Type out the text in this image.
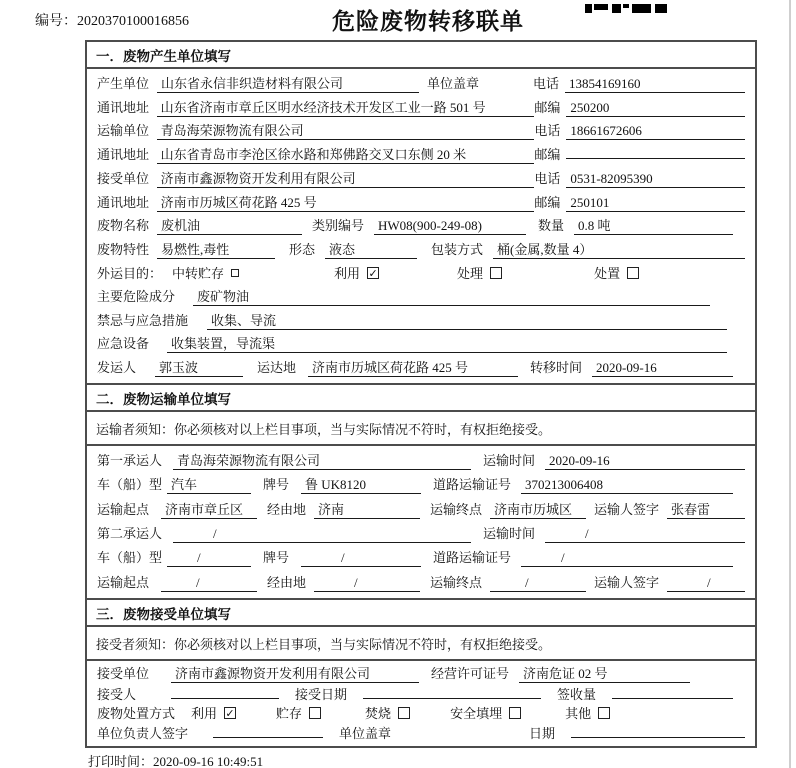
编号：2020370100016856	危险废物转移联单
一．废物产生单位填写
产生单位 山东省永信非织造材料有限公司	单位盖章	电话 13854169160
通讯地址 山东省济南市章丘区明水经济技术开发区工业一路 501 号	邮编 250200
运输单位 青岛海荣源物流有限公司	电话 18661672606
通讯地址 山东省青岛市李沧区徐水路和郑佛路交叉口东侧 20 米	邮编
接受单位 济南市鑫源物资开发利用有限公司	电话 0531-82095390
通讯地址 济南市历城区荷花路 425 号	邮编 250101
废物名称 废机油	类别编号	HW08(900-249-08)	数量	0.8 吨
废物特性 易燃性,毒性	形态	液态	包装方式	桶(金属,数量 4）
外运目的： 中转贮存	利用 ✓	处理	处置
主要危险成分	废矿物油
禁忌与应急措施	收集、导流
应急设备	收集装置，导流渠
发运人	郭玉波	运达地	济南市历城区荷花路 425 号	转移时间	2020-09-16
二．废物运输单位填写
运输者须知：你必须核对以上栏目事项，当与实际情况不符时，有权拒绝接受。
第一承运人	青岛海荣源物流有限公司	运输时间	2020-09-16
车（船）型 汽车	牌号	鲁 UK8120	道路运输证号	370213006408
运输起点	济南市章丘区	经由地 济南	运输终点 济南市历城区	运输人签字 张春雷
第二承运人	/	运输时间	/
车（船）型	/	牌号	/	道路运输证号	/
运输起点	/	经由地	/	运输终点	/	运输人签字	/
三．废物接受单位填写
接受者须知：你必须核对以上栏目事项，当与实际情况不符时，有权拒绝接受。
接受单位	济南市鑫源物资开发利用有限公司	经营许可证号	济南危证 02 号
接受人	接受日期	签收量
废物处置方式 利用 ✓	贮存	焚烧	安全填埋	其他
单位负责人签字	单位盖章	日期
打印时间：2020-09-16 10:49:51
